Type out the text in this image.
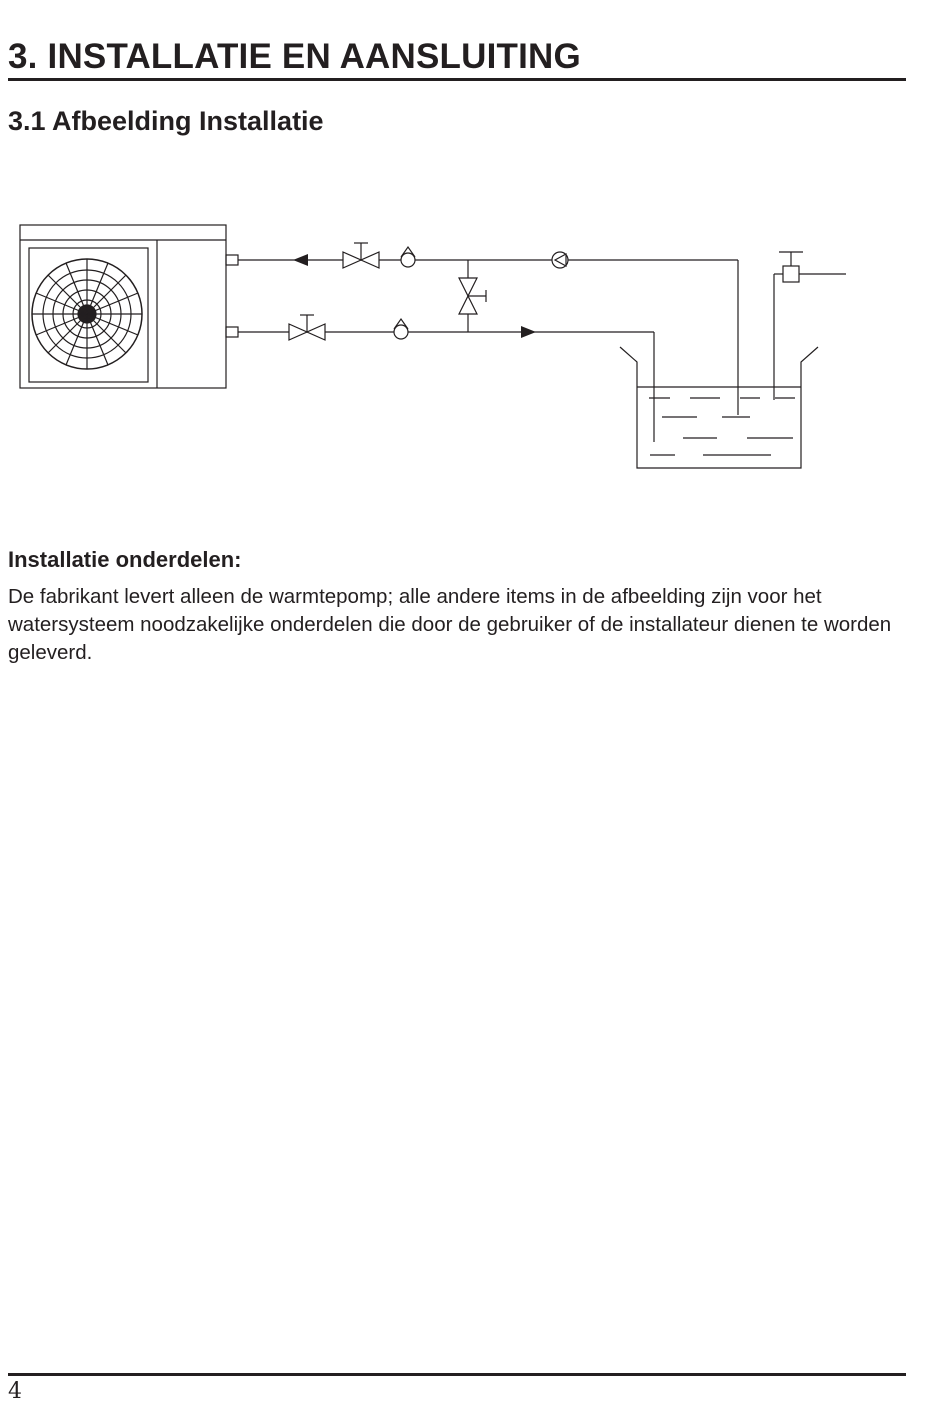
3. INSTALLATIE EN AANSLUITING
3.1 Afbeelding Installatie
Installatie onderdelen:

De fabrikant levert alleen de warmtepomp; alle andere items in de afbeelding zijn voor het watersysteem noodzakelijke onderdelen die door de gebruiker of de installateur dienen te worden geleverd.

4
